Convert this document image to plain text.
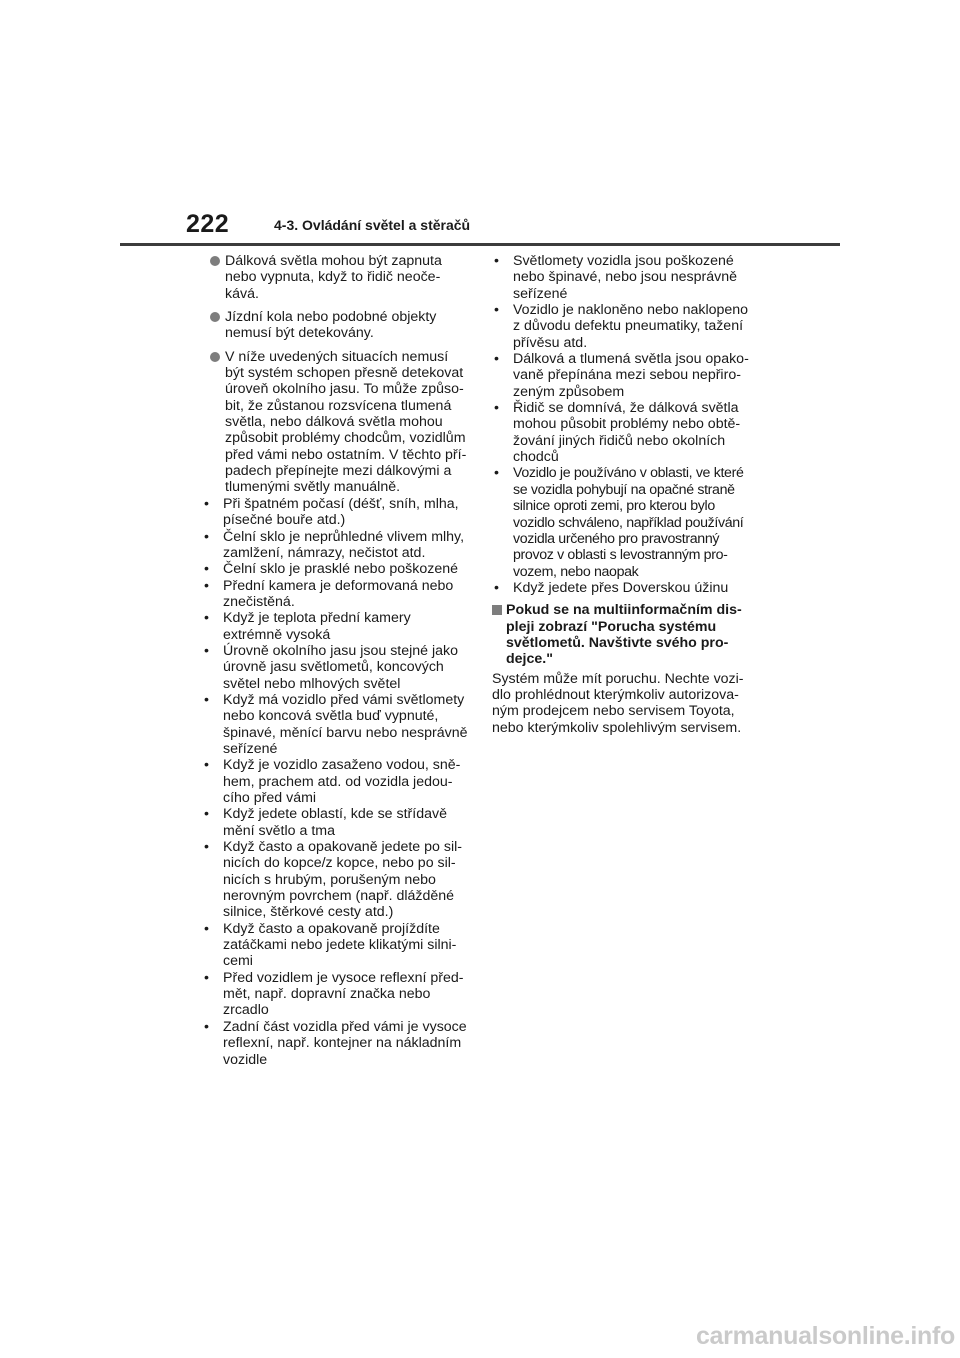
222	4-3. Ovládání světel a stěračů

Dálková světla mohou být zapnuta nebo vypnuta, když to řidič neoče-kává.

Jízdní kola nebo podobné objekty nemusí být detekovány.

V níže uvedených situacích nemusí být systém schopen přesně detekovat úroveň okolního jasu. To může způso-bit, že zůstanou rozsvícena tlumená světla, nebo dálková světla mohou způsobit problémy chodcům, vozidlům před vámi nebo ostatním. V těchto pří-padech přepínejte mezi dálkovými a tlumenými světly manuálně.

• Při špatném počasí (déšť, sníh, mlha, písečné bouře atd.)
• Čelní sklo je neprůhledné vlivem mlhy, zamlžení, námrazy, nečistot atd.
• Čelní sklo je prasklé nebo poškozené
• Přední kamera je deformovaná nebo znečistěná.
• Když je teplota přední kamery extrémně vysoká
• Úrovně okolního jasu jsou stejné jako úrovně jasu světlometů, koncových světel nebo mlhových světel
• Když má vozidlo před vámi světlomety nebo koncová světla buď vypnuté, špinavé, měnící barvu nebo nesprávně seřízené
• Když je vozidlo zasaženo vodou, sně-hem, prachem atd. od vozidla jedou-cího před vámi
• Když jedete oblastí, kde se střídavě mění světlo a tma
• Když často a opakovaně jedete po sil-nicích do kopce/z kopce, nebo po sil-nicích s hrubým, porušeným nebo nerovným povrchem (např. dlážděné silnice, štěrkové cesty atd.)
• Když často a opakovaně projíždíte zatáčkami nebo jedete klikatými silni-cemi
• Před vozidlem je vysoce reflexní před-mět, např. dopravní značka nebo zrcadlo
• Zadní část vozidla před vámi je vysoce reflexní, např. kontejner na nákladním vozidle
• Světlomety vozidla jsou poškozené nebo špinavé, nebo jsou nesprávně seřízené
• Vozidlo je nakloněno nebo naklopeno z důvodu defektu pneumatiky, tažení přívěsu atd.
• Dálková a tlumená světla jsou opako-vaně přepínána mezi sebou nepřiro-zeným způsobem
• Řidič se domnívá, že dálková světla mohou působit problémy nebo obtě-žování jiných řidičů nebo okolních chodců
• Vozidlo je používáno v oblasti, ve které se vozidla pohybují na opačné straně silnice oproti zemi, pro kterou bylo vozidlo schváleno, například používání vozidla určeného pro pravostranný provoz v oblasti s levostranným pro-vozem, nebo naopak
• Když jedete přes Doverskou úžinu
Pokud se na multiinformačním dis-pleji zobrazí "Porucha systému světlometů. Navštivte svého pro-dejce."

Systém může mít poruchu. Nechte vozi-dlo prohlédnout kterýmkoliv autorizova-ným prodejcem nebo servisem Toyota, nebo kterýmkoliv spolehlivým servisem.

carmanualsonline.info
